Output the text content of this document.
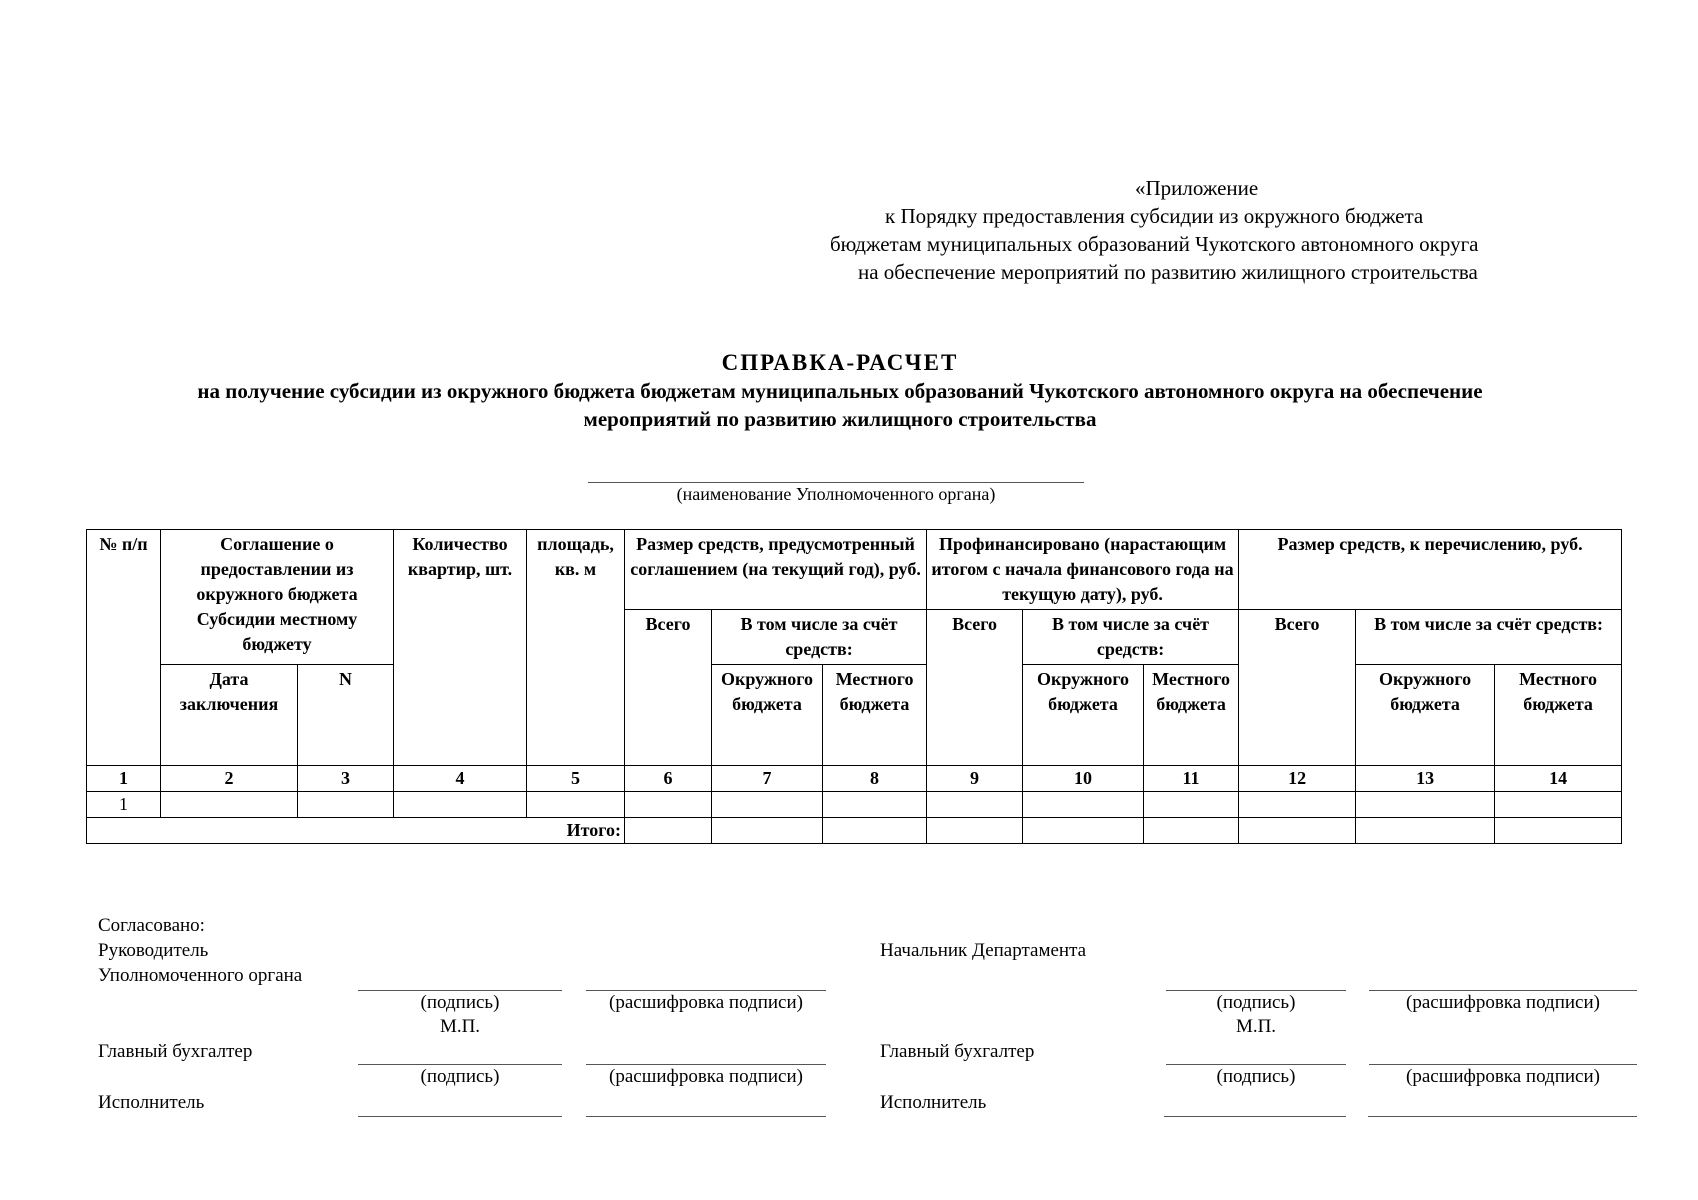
«Приложение
к Порядку предоставления субсидии из окружного бюджета
бюджетам муниципальных образований Чукотского автономного округа
на обеспечение мероприятий по развитию жилищного строительства
СПРАВКА-РАСЧЕТ
на получение субсидии из окружного бюджета бюджетам муниципальных образований Чукотского автономного округа на обеспечение
мероприятий по развитию жилищного строительства
(наименование Уполномоченного органа)
№ п/п	Соглашение о предоставлении из окружного бюджета Субсидии местному бюджету		Количество квартир, шт.	площадь, кв. м	Размер средств, предусмотренный соглашением (на текущий год), руб.			Профинансировано (нарастающим итогом с начала финансового года на текущую дату), руб.			Размер средств, к перечислению, руб.		
					Всего	В том числе за счёт средств:		Всего	В том числе за счёт средств:		Всего	В том числе за счёт средств:	
	Дата заключения	N				Окружного бюджета	Местного бюджета		Окружного бюджета	Местного бюджета		Окружного бюджета	Местного бюджета
1	2	3	4	5	6	7	8	9	10	11	12	13	14
1													
Итого:													
Согласовано:
Руководитель
Уполномоченного органа
(подпись)	(расшифровка подписи)
М.П.
Главный бухгалтер
(подпись)	(расшифровка подписи)
Исполнитель
Начальник Департамента
(подпись)	(расшифровка подписи)
М.П.
Главный бухгалтер
(подпись)	(расшифровка подписи)
Исполнитель
